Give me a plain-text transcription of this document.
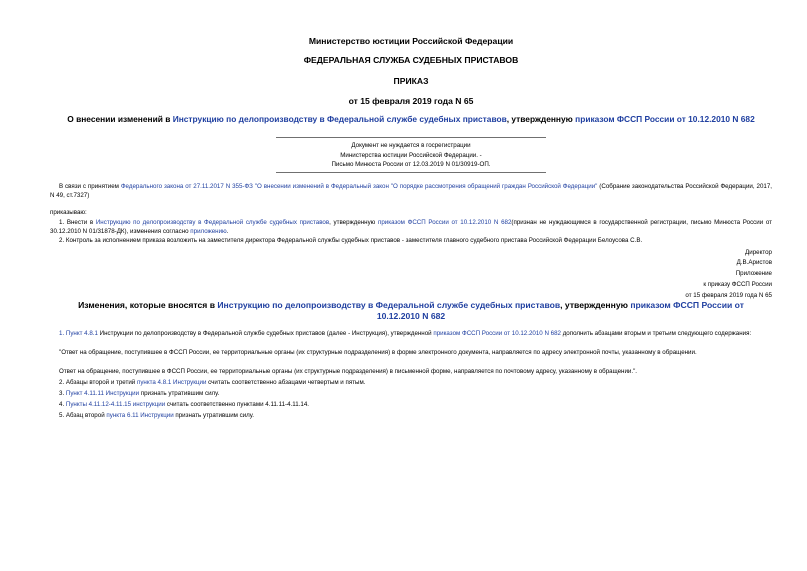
Министерство юстиции Российской Федерации
ФЕДЕРАЛЬНАЯ СЛУЖБА СУДЕБНЫХ ПРИСТАВОВ
ПРИКАЗ
от 15 февраля 2019 года N 65
О внесении изменений в Инструкцию по делопроизводству в Федеральной службе судебных приставов, утвержденную приказом ФССП России от 10.12.2010 N 682
Документ не нуждается в госрегистрации
Министерства юстиции Российской Федерации. -
Письмо Минюста России от 12.03.2019 N 01/30919-ОП.

В связи с принятием Федерального закона от 27.11.2017 N 355-ФЗ "О внесении изменений в Федеральный закон "О порядке рассмотрения обращений граждан Российской Федерации" (Собрание законодательства Российской Федерации, 2017, N 49, ст.7327)

приказываю:

1. Внести в Инструкцию по делопроизводству в Федеральной службе судебных приставов, утвержденную приказом ФССП России от 10.12.2010 N 682(признан не нуждающимся в государственной регистрации, письмо Минюста России от 30.12.2010 N 01/31878-ДК), изменения согласно приложению.

2. Контроль за исполнением приказа возложить на заместителя директора Федеральной службы судебных приставов - заместителя главного судебного пристава Российской Федерации Белоусова С.В.

Директор
Д.В.Аристов
Приложение
к приказу ФССП России
от 15 февраля 2019 года N 65
Изменения, которые вносятся в Инструкцию по делопроизводству в Федеральной службе судебных приставов, утвержденную приказом ФССП России от 10.12.2010 N 682

1. Пункт 4.8.1 Инструкции по делопроизводству в Федеральной службе судебных приставов (далее - Инструкция), утвержденной приказом ФССП России от 10.12.2010 N 682 дополнить абзацами вторым и третьим следующего содержания:

"Ответ на обращение, поступившее в ФССП России, ее территориальные органы (их структурные подразделения) в форме электронного документа, направляется по адресу электронной почты, указанному в обращении.

Ответ на обращение, поступившее в ФССП России, ее территориальные органы (их структурные подразделения) в письменной форме, направляется по почтовому адресу, указанному в обращении.".

2. Абзацы второй и третий пункта 4.8.1 Инструкции считать соответственно абзацами четвертым и пятым.

3. Пункт 4.11.11 Инструкции признать утратившим силу.

4. Пункты 4.11.12-4.11.15 инструкции считать соответственно пунктами 4.11.11-4.11.14.

5. Абзац второй пункта 6.11 Инструкции признать утратившим силу.
